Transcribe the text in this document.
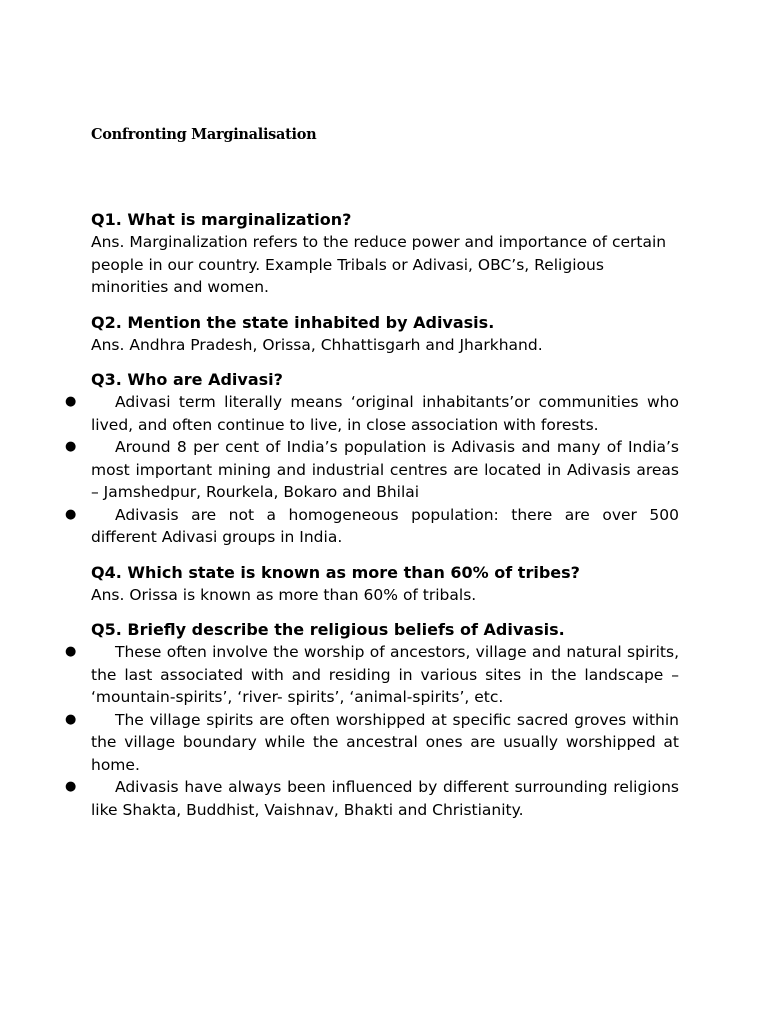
Confronting Marginalisation
Q1. What is marginalization?
Ans. Marginalization refers to the reduce power and importance of certain people in our country. Example Tribals or Adivasi, OBC’s, Religious minorities and women.
Q2. Mention the state inhabited by Adivasis.
Ans. Andhra Pradesh, Orissa, Chhattisgarh and Jharkhand.
Q3. Who are Adivasi?
●	Adivasi term literally means ‘original inhabitants’or communities who lived, and often continue to live, in close association with forests.
●	Around 8 per cent of India’s population is Adivasis and many of India’s most important mining and industrial centres are located in Adivasis areas – Jamshedpur, Rourkela, Bokaro and Bhilai
●	Adivasis are not a homogeneous population: there are over 500 different Adivasi groups in India.
Q4. Which state is known as more than 60% of tribes?
Ans. Orissa is known as more than 60% of tribals.
Q5. Briefly describe the religious beliefs of Adivasis.
●	These often involve the worship of ancestors, village and natural spirits, the last associated with and residing in various sites in the landscape – ‘mountain-spirits’, ‘river- spirits’, ‘animal-spirits’, etc.
●	The village spirits are often worshipped at specific sacred groves within the village boundary while the ancestral ones are usually worshipped at home.
●	Adivasis have always been influenced by different surrounding religions like Shakta, Buddhist, Vaishnav, Bhakti and Christianity.
